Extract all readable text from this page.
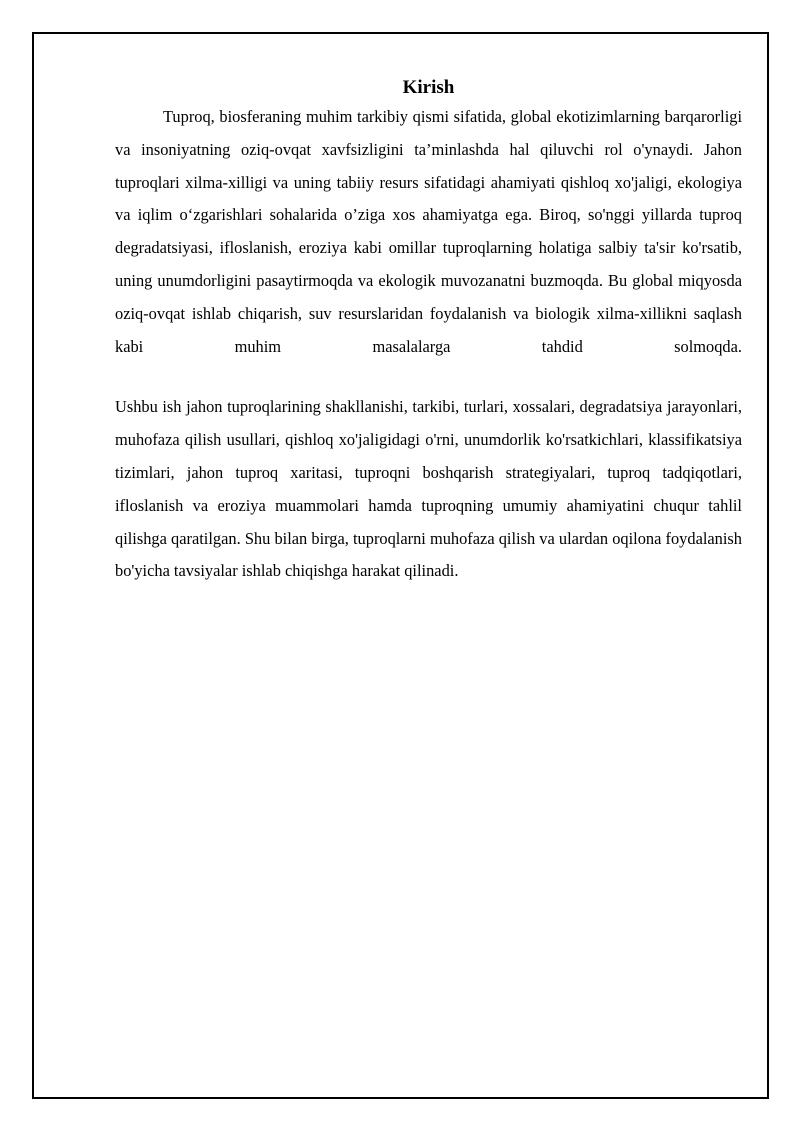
Kirish

Tuproq, biosferaning muhim tarkibiy qismi sifatida, global ekotizimlarning barqarorligi va insoniyatning oziq-ovqat xavfsizligini ta’minlashda hal qiluvchi rol o'ynaydi. Jahon tuproqlari xilma-xilligi va uning tabiiy resurs sifatidagi ahamiyati qishloq xo'jaligi, ekologiya va iqlim o‘zgarishlari sohalarida o’ziga xos ahamiyatga ega. Biroq, so'nggi yillarda tuproq degradatsiyasi, ifloslanish, eroziya kabi omillar tuproqlarning holatiga salbiy ta'sir ko'rsatib, uning unumdorligini pasaytirmoqda va ekologik muvozanatni buzmoqda. Bu global miqyosda oziq-ovqat ishlab chiqarish, suv resurslaridan foydalanish va biologik xilma-xillikni saqlash kabi muhim masalalarga tahdid solmoqda.

Ushbu ish jahon tuproqlarining shakllanishi, tarkibi, turlari, xossalari, degradatsiya jarayonlari, muhofaza qilish usullari, qishloq xo'jaligidagi o'rni, unumdorlik ko'rsatkichlari, klassifikatsiya tizimlari, jahon tuproq xaritasi, tuproqni boshqarish strategiyalari, tuproq tadqiqotlari, ifloslanish va eroziya muammolari hamda tuproqning umumiy ahamiyatini chuqur tahlil qilishga qaratilgan. Shu bilan birga, tuproqlarni muhofaza qilish va ulardan oqilona foydalanish bo'yicha tavsiyalar ishlab chiqishga harakat qilinadi.
